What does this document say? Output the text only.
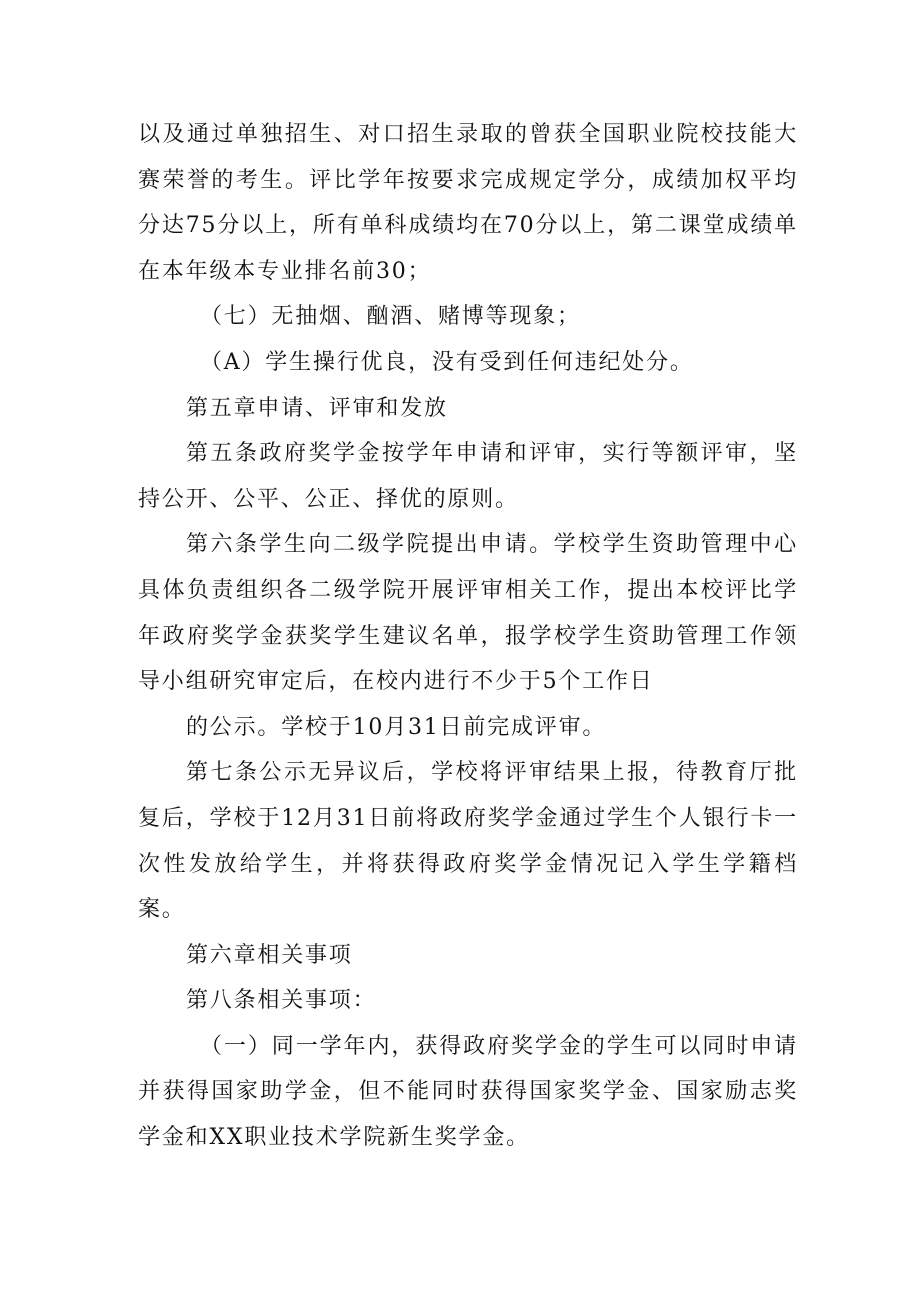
以及通过单独招生、对口招生录取的曾获全国职业院校技能大赛荣誉的考生。评比学年按要求完成规定学分，成绩加权平均分达75分以上，所有单科成绩均在70分以上，第二课堂成绩单在本年级本专业排名前30；

（七）无抽烟、酗酒、赌博等现象；

（A）学生操行优良，没有受到任何违纪处分。

第五章申请、评审和发放

第五条政府奖学金按学年申请和评审，实行等额评审，坚持公开、公平、公正、择优的原则。

第六条学生向二级学院提出申请。学校学生资助管理中心具体负责组织各二级学院开展评审相关工作，提出本校评比学年政府奖学金获奖学生建议名单，报学校学生资助管理工作领导小组研究审定后，在校内进行不少于5个工作日

的公示。学校于10月31日前完成评审。

第七条公示无异议后，学校将评审结果上报，待教育厅批复后，学校于12月31日前将政府奖学金通过学生个人银行卡一次性发放给学生，并将获得政府奖学金情况记入学生学籍档案。

第六章相关事项

第八条相关事项：

（一）同一学年内，获得政府奖学金的学生可以同时申请并获得国家助学金，但不能同时获得国家奖学金、国家励志奖学金和XX职业技术学院新生奖学金。
